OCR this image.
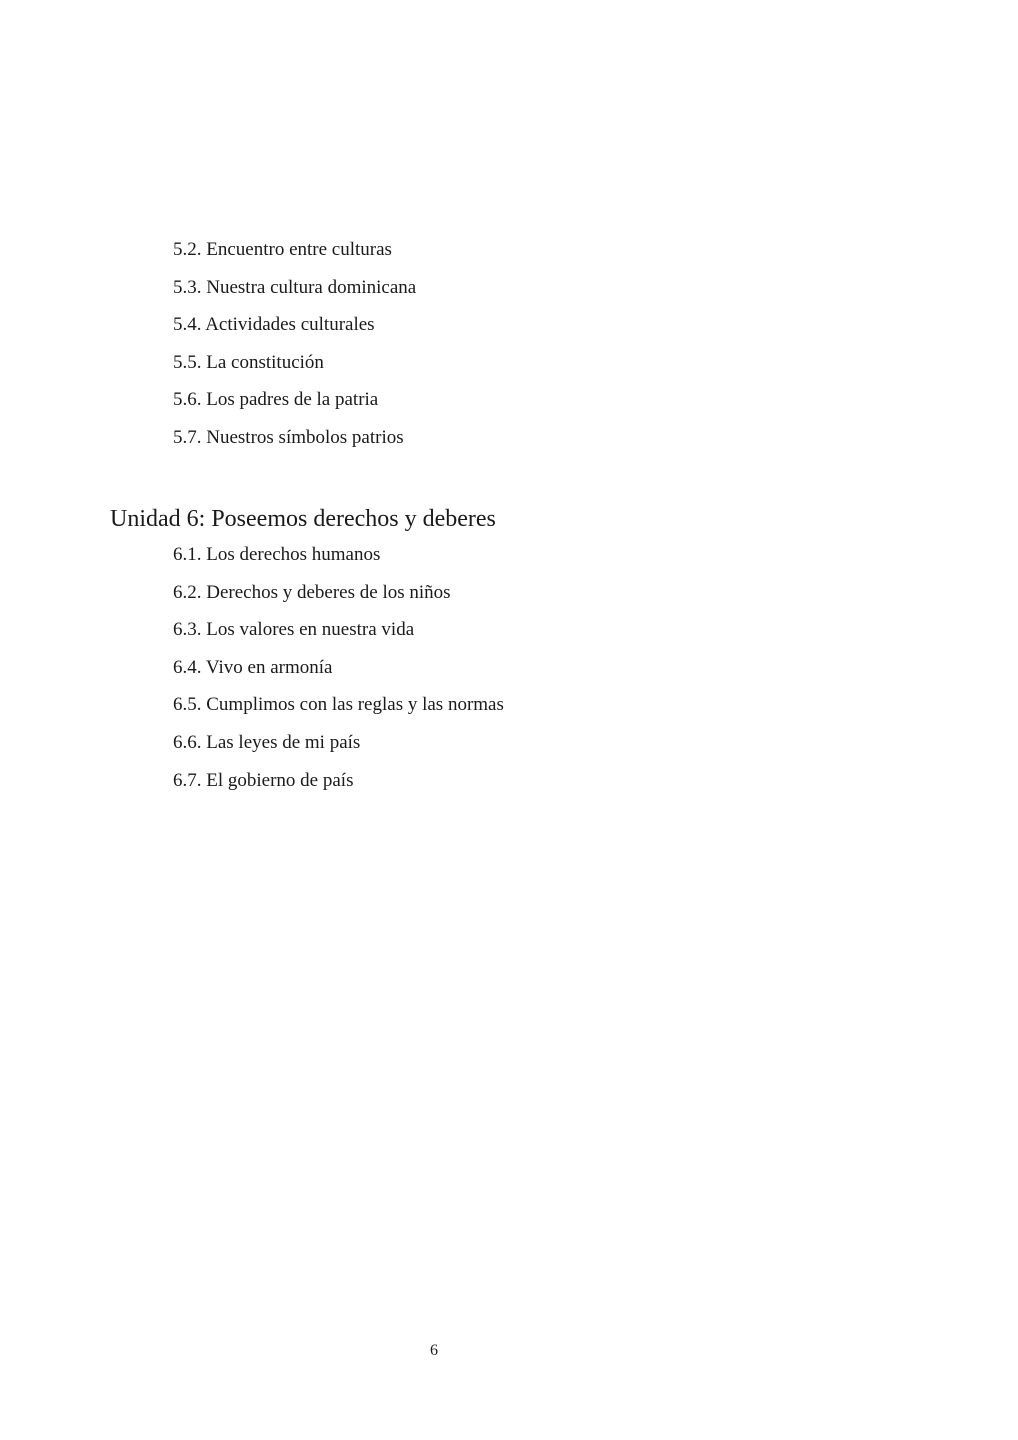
5.2. Encuentro entre culturas
5.3. Nuestra cultura dominicana
5.4. Actividades culturales
5.5. La constitución
5.6. Los padres de la patria
5.7. Nuestros símbolos patrios
Unidad 6: Poseemos derechos y deberes
6.1. Los derechos humanos
6.2. Derechos y deberes de los niños
6.3. Los valores en nuestra vida
6.4. Vivo en armonía
6.5. Cumplimos con las reglas y las normas
6.6. Las leyes de mi país
6.7. El gobierno de país
6
